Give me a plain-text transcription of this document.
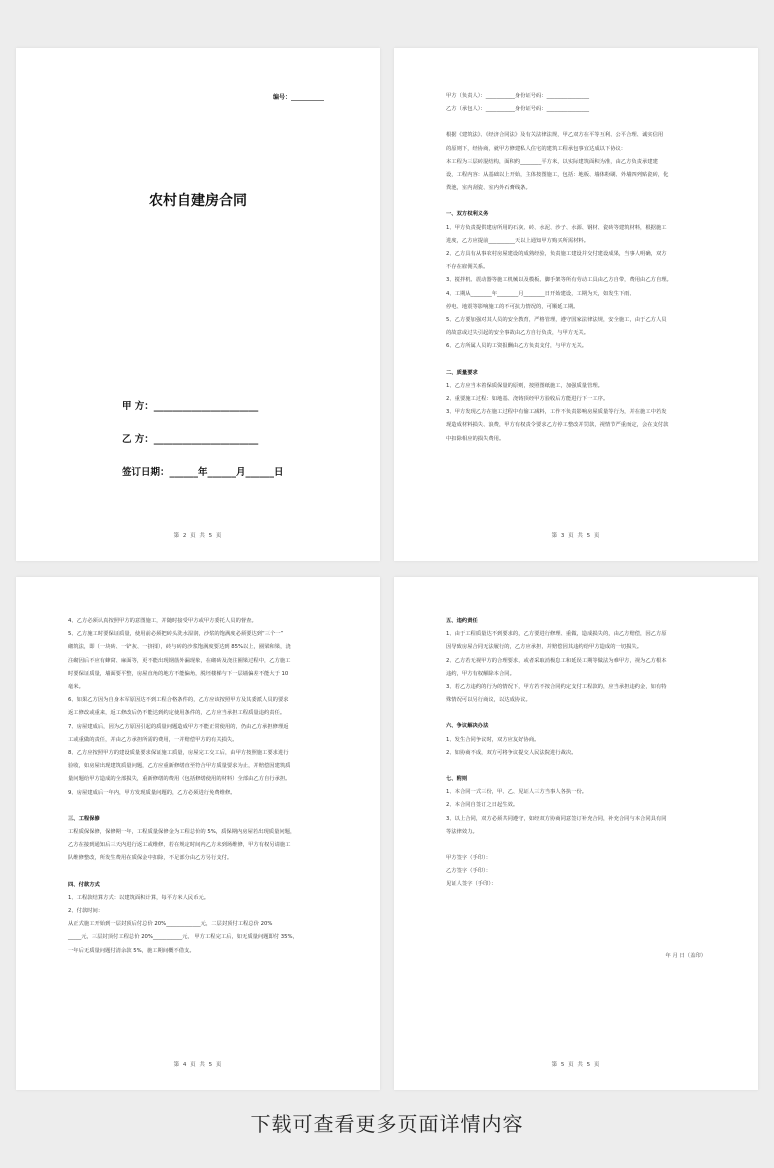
编号：___________
农村自建房合同
甲 方：______________________
乙 方：______________________
签订日期：______年______月______日
第 2 页 共 5 页

甲方（负责人）：___________身份证号码：________________

乙方（承包人）：___________身份证号码：________________

根据《建筑法》、《经济合同法》及有关法律法规，甲乙双方在平等互利、公平合理、诚实信用

的原则下，经协商，就甲方修建私人住宅的建筑工程承包事宜达成以下协议：

本工程为三层砖混结构，面积约________平方米，以实际建筑面积为准，由乙方负责承建建

设，工程内容：从基础以上开始，主体按图施工，包括：地板、墙体粉刷、外墙四列贴瓷砖，化

粪池，室内刮瓷、室内外石膏线条。

一、双方权利义务

1、甲方负责提供建房所用的石灰、砖、水泥、沙子、水源、钢材、瓷砖等建筑材料，根据施工

进度，乙方应提前__________天以上通知甲方购买所需材料。

2、乙方具有从事农村房屋建设的成熟经验，负责施工建设并交付建设成果，当事人明确，双方

不存在雇佣关系。

3、搅拌机、震动器等施工机械以及模板、脚手架等所有劳动工具由乙方自带，费用由乙方自理。

4、工期从________年________月________日开始建设，工期为天，如发生下雨、

停电、地震等影响施工的不可抗力情况的，可顺延工期。

5、乙方要加强对其人员的安全教育，严格管理，遵守国家法律法规，安全施工，由于乙方人员

的故意或过失引起的安全事故由乙方自行负责，与甲方无关。

6、乙方所属人员的工资报酬由乙方负责支付，与甲方无关。

二、质量要求

1、乙方应当本着保质保量的原则，按照图纸施工，加强质量管理。

2、重要施工过程：如地基、浇铸顶经甲方验收后方能进行下一工序。

3、甲方发现乙方在施工过程中有偷工减料，工作不负责影响房屋质量等行为，并在施工中若发

现造成材料损失、浪费，甲方有权责令要求乙方停工整改并罚款，视情节严重而定，会在支付款

中扣除相应的损失费用。

第 3 页 共 5 页

4、乙方必须认真按照甲方的意图施工，并随时接受甲方或甲方委托人员的督查。

5、乙方施工时要保证质量，使用前必须把砖头洗水湿润，沙浆的饱满度必须要达到“三个一”

砌筑法，即（一块砖、一铲灰、一挤揉），砖与砖的沙浆饱满度要达到 85%以上，圈梁和梁，浇

注砌因后不应有蜂窝、麻面等，更不能出现钢筋外漏现象，在砌砖及浇注圈梁过程中，乙方施工

时要保证质量，墙面要平整，房屋直角的地方不能偏角，脱坯楼梯与下一层墙偏差不能大于 10

毫米。

6、如果乙方因为自身本军原因达不到工程合格条件的，乙方应该按照甲方及其委派人员的要求

返工修改或重来，返工修改后仍不能达到约定使用条件的，乙方应当承担工程质量违约责任。

7、房屋建成后，因为乙方原因引起的质量问题造成甲方不能正常使用的，仍由乙方承担修理返

工或重做的责任，并由乙方承担所需的费用，一并赔偿甲方的有关损失。

8、乙方应按照甲方的建设质量要求保证施工质量，房屋完工交工后，由甲方按照施工要求进行

验收，如房屋出现建筑质量问题，乙方应重新修缮直至符合甲方质量要求为止，并赔偿因建筑质

量问题给甲方造成的全部损失，重新修缮的费用（包括修缮使用的材料）全部由乙方自行承担。

9、房屋建成后一年内，甲方发现质量问题的，乙方必须进行免费维修。

三、工程保修

工程质保保修，保修期一年，工程质量保修金为工程总价的 5%，质保期内房屋若出现质量问题，

乙方在接到通知后三天内进行返工或维修，若在规定时间内乙方未到场维修，甲方有权另请施工

队维修整改，所发生费用在质保金中扣除，不足部分由乙方另行支付。

四、付款方式

1、工程款结算方式：以建筑面积计算，每平方米人民币元。

2、付款时间：

从正式施工开始到一层封顶后付总价 20%_____________元，二层封顶付工程总价 20%

_____元，三层封顶付工程总价 20%___________元， 甲方工程完工后，如无质量问题即付 35%，

一年后无质量问题付清余款 5%，施工期间概不借支。

第 4 页 共 5 页

五、违约责任

1、由于工程质量达不到要求的，乙方要进行修理、重做，造成损失的，由乙方赔偿，因乙方原

因导致房屋合同无法履行的，乙方应承担，并赔偿因其违约给甲方造成的一切损失。

2、乙方若无视甲方的合理要求，或者采取消极怠工和延误工期等做法为难甲方，视为乙方根本

违约，甲方有权解除本合同。

3、若乙方违约的行为的情况下，甲方若不按合同约定支付工程款的，应当承担违约金，如有特

殊情况可以另行商议，以达成协议。

六、争议解决办法

1、发生合同争议时，双方应友好协商。

2、如协商不成，双方可将争议提交人民法院进行裁决。

七、附则

1、本合同一式三份，甲、乙、见证人三方当事人各执一份。

2、本合同自签订之日起生效。

3、以上合同，双方必须共同遵守，如经双方协商同意签订补充合同，补充合同与本合同具有同

等法律效力。

甲方签字（手印）：

乙方签字（手印）：

见证人签字（手印）：

年 月 日（盖印）
第 5 页 共 5 页
下载可查看更多页面详情内容
